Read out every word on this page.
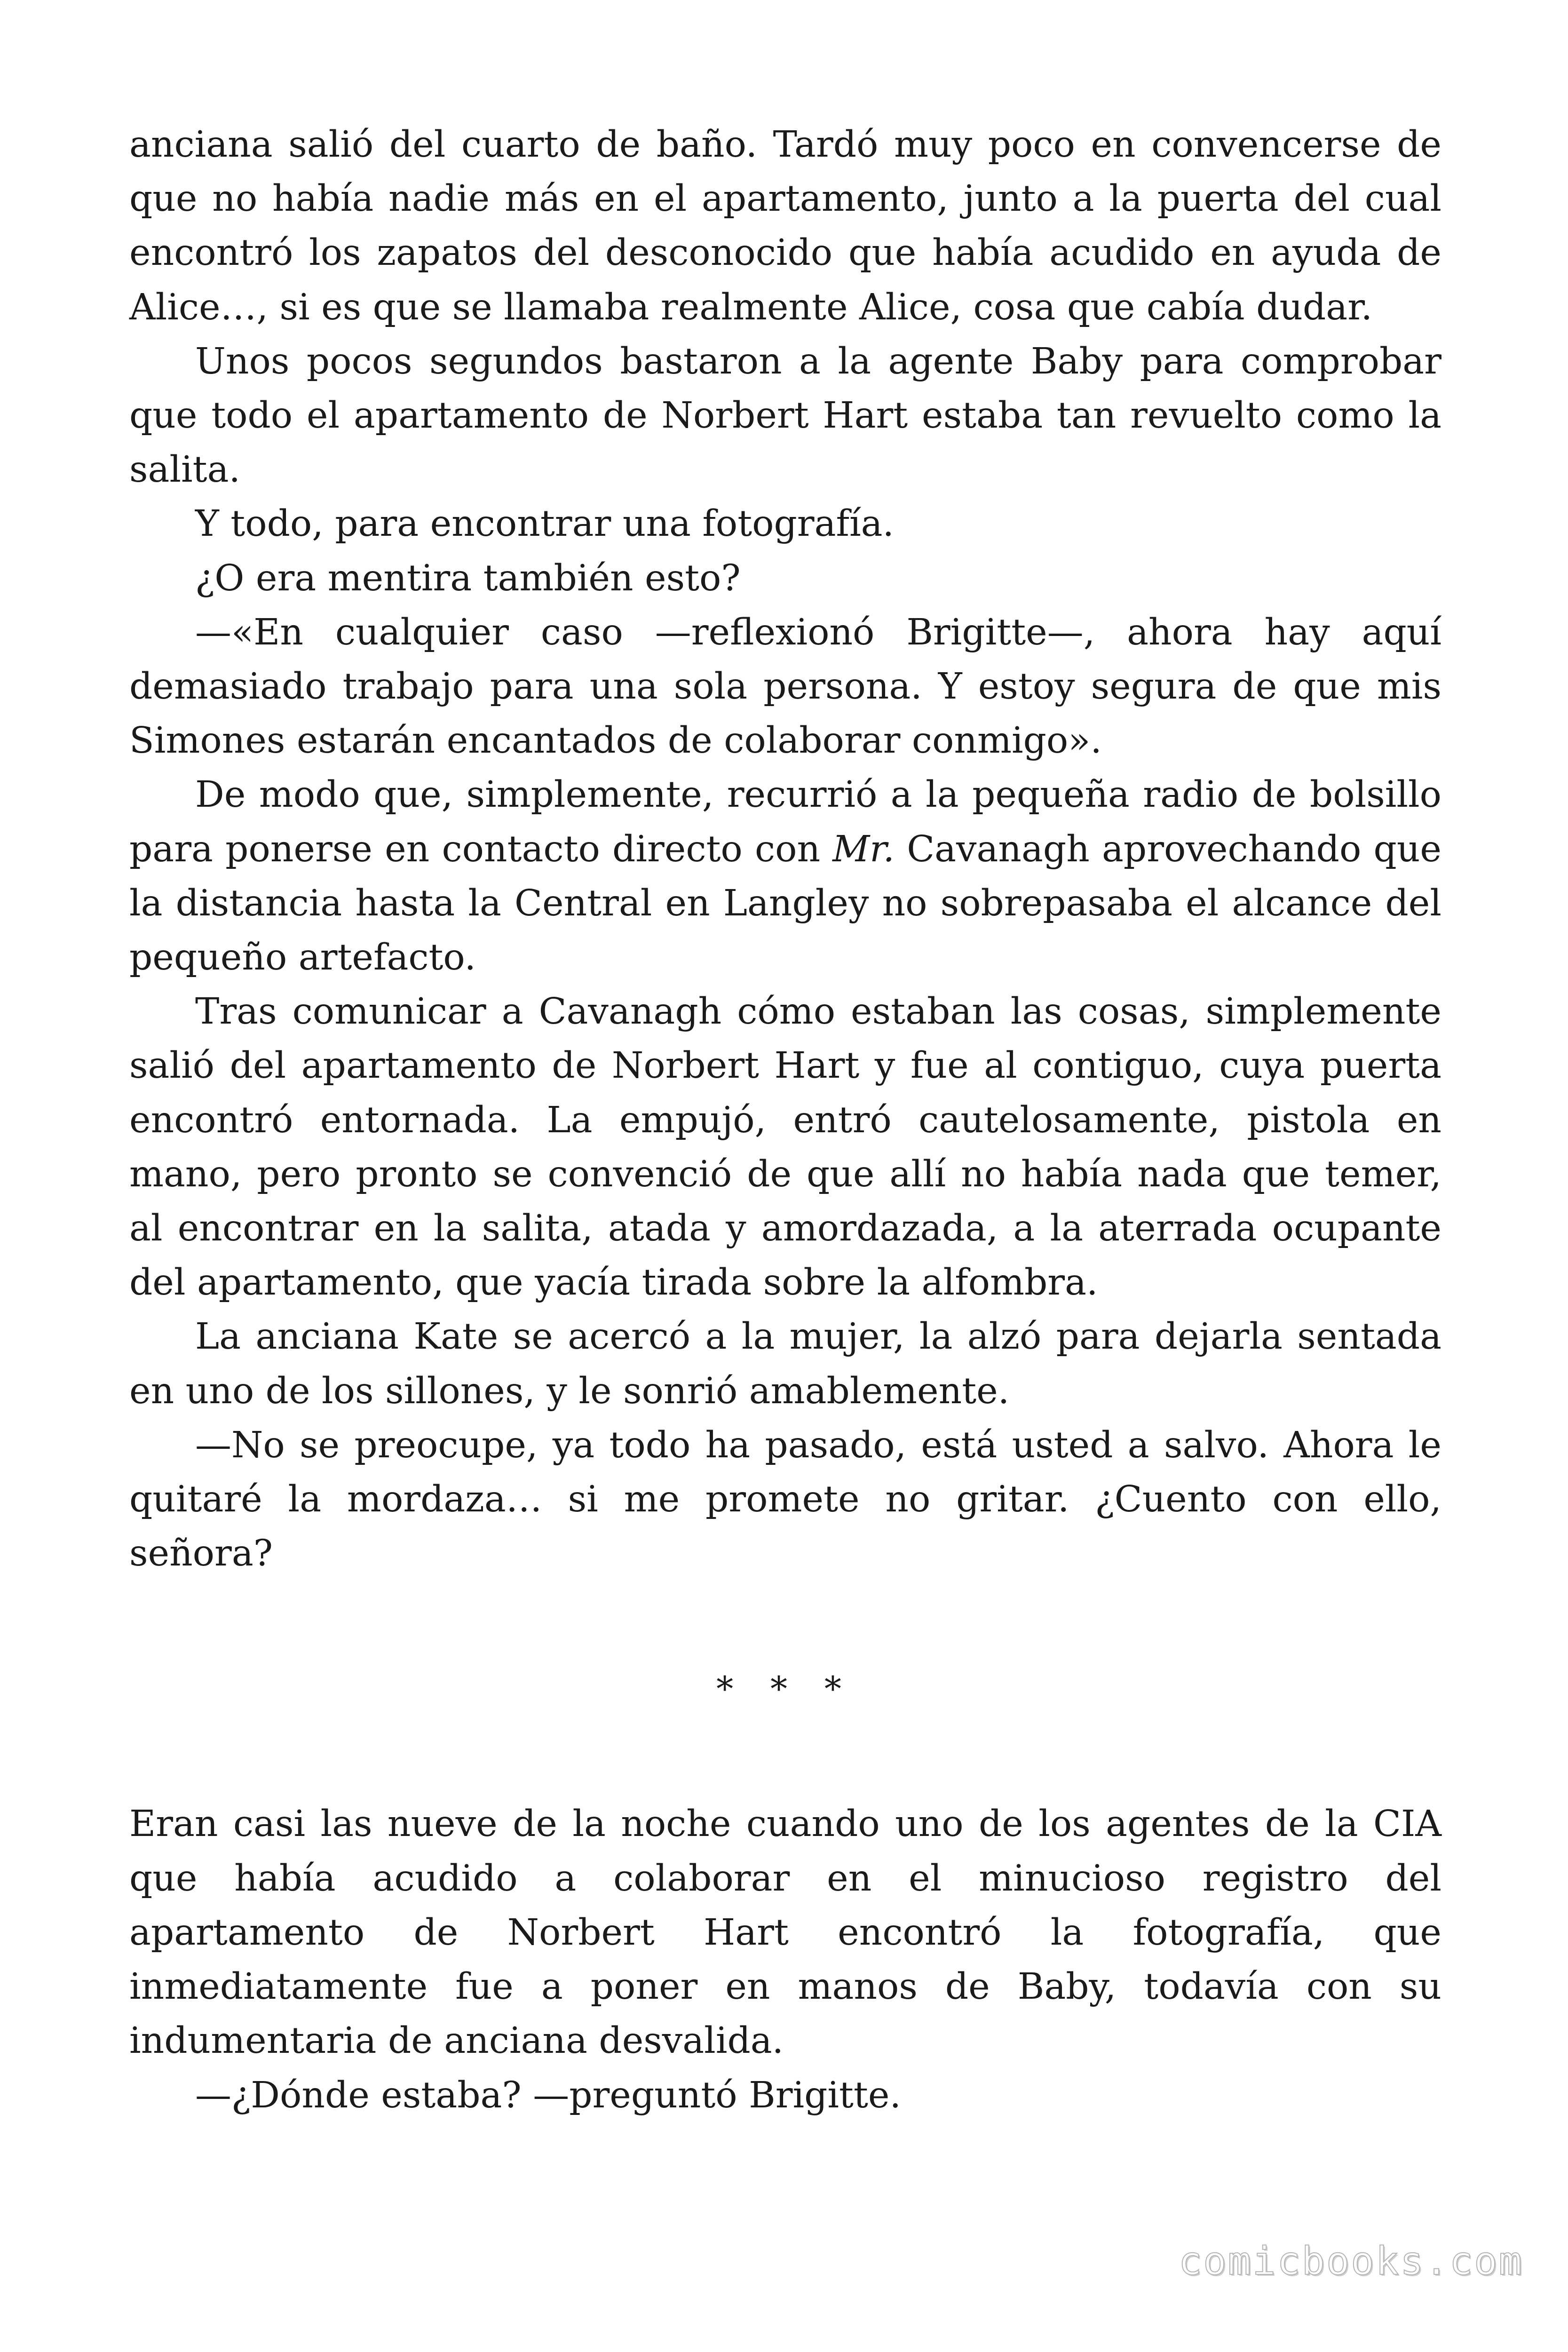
anciana salió del cuarto de baño. Tardó muy poco en convencerse de que no había nadie más en el apartamento, junto a la puerta del cual encontró los zapatos del desconocido que había acudido en ayuda de Alice…, si es que se llamaba realmente Alice, cosa que cabía dudar.

Unos pocos segundos bastaron a la agente Baby para comprobar que todo el apartamento de Norbert Hart estaba tan revuelto como la salita.

Y todo, para encontrar una fotografía.

¿O era mentira también esto?

—«En cualquier caso —reflexionó Brigitte—, ahora hay aquí demasiado trabajo para una sola persona. Y estoy segura de que mis Simones estarán encantados de colaborar conmigo».

De modo que, simplemente, recurrió a la pequeña radio de bolsillo para ponerse en contacto directo con Mr. Cavanagh aprovechando que la distancia hasta la Central en Langley no sobrepasaba el alcance del pequeño artefacto.

Tras comunicar a Cavanagh cómo estaban las cosas, simplemente salió del apartamento de Norbert Hart y fue al contiguo, cuya puerta encontró entornada. La empujó, entró cautelosamente, pistola en mano, pero pronto se convenció de que allí no había nada que temer, al encontrar en la salita, atada y amordazada, a la aterrada ocupante del apartamento, que yacía tirada sobre la alfombra.

La anciana Kate se acercó a la mujer, la alzó para dejarla sentada en uno de los sillones, y le sonrió amablemente.

—No se preocupe, ya todo ha pasado, está usted a salvo. Ahora le quitaré la mordaza… si me promete no gritar. ¿Cuento con ello, señora?

* * *

Eran casi las nueve de la noche cuando uno de los agentes de la CIA que había acudido a colaborar en el minucioso registro del apartamento de Norbert Hart encontró la fotografía, que inmediatamente fue a poner en manos de Baby, todavía con su indumentaria de anciana desvalida.

—¿Dónde estaba? —preguntó Brigitte.

comicbooks.com
